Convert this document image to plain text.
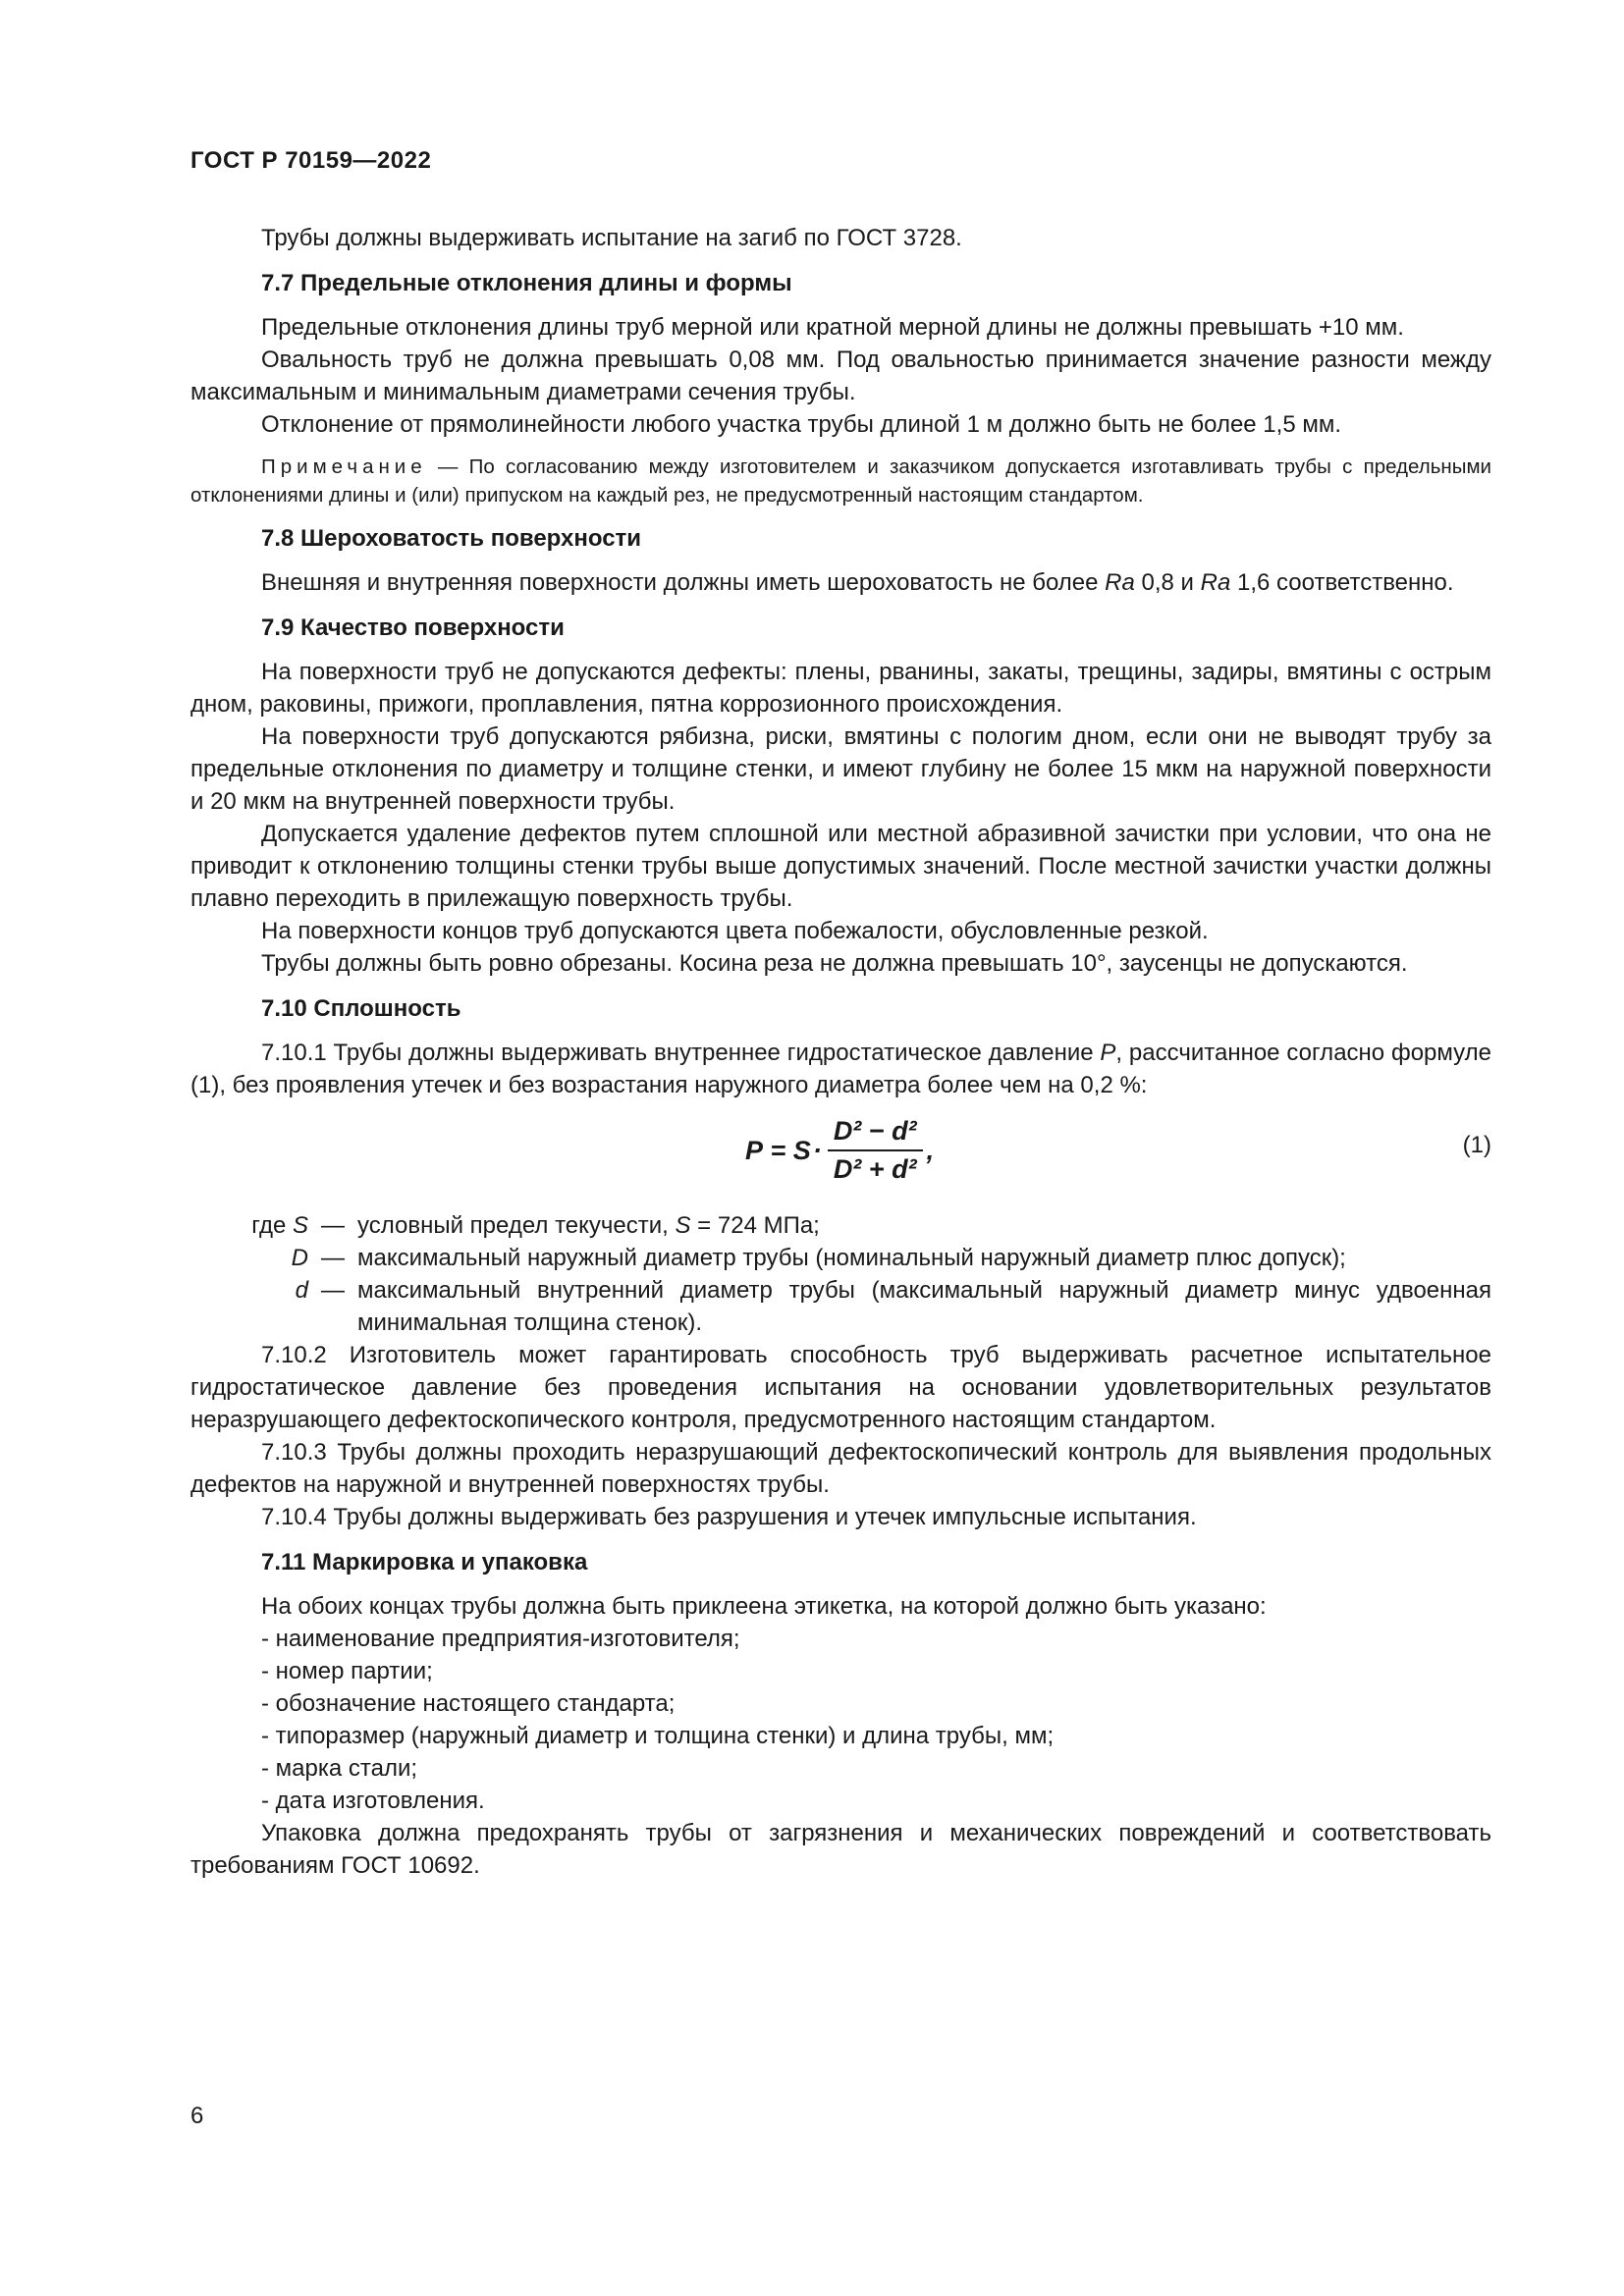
ГОСТ Р 70159—2022

Трубы должны выдерживать испытание на загиб по ГОСТ 3728.

7.7 Предельные отклонения длины и формы

Предельные отклонения длины труб мерной или кратной мерной длины не должны превышать +10 мм.

Овальность труб не должна превышать 0,08 мм. Под овальностью принимается значение разности между максимальным и минимальным диаметрами сечения трубы.

Отклонение от прямолинейности любого участка трубы длиной 1 м должно быть не более 1,5 мм.

Примечание — По согласованию между изготовителем и заказчиком допускается изготавливать трубы с предельными отклонениями длины и (или) припуском на каждый рез, не предусмотренный настоящим стандартом.

7.8 Шероховатость поверхности

Внешняя и внутренняя поверхности должны иметь шероховатость не более Ra 0,8 и Ra 1,6 соответственно.

7.9 Качество поверхности

На поверхности труб не допускаются дефекты: плены, рванины, закаты, трещины, задиры, вмятины с острым дном, раковины, прижоги, проплавления, пятна коррозионного происхождения.

На поверхности труб допускаются рябизна, риски, вмятины с пологим дном, если они не выводят трубу за предельные отклонения по диаметру и толщине стенки, и имеют глубину не более 15 мкм на наружной поверхности и 20 мкм на внутренней поверхности трубы.

Допускается удаление дефектов путем сплошной или местной абразивной зачистки при условии, что она не приводит к отклонению толщины стенки трубы выше допустимых значений. После местной зачистки участки должны плавно переходить в прилежащую поверхность трубы.

На поверхности концов труб допускаются цвета побежалости, обусловленные резкой.

Трубы должны быть ровно обрезаны. Косина реза не должна превышать 10°, заусенцы не допускаются.

7.10 Сплошность

7.10.1 Трубы должны выдерживать внутреннее гидростатическое давление P, рассчитанное согласно формуле (1), без проявления утечек и без возрастания наружного диаметра более чем на 0,2 %:

$P = S \cdot \frac{\text{D² − d²}}{\text{D² + d²}}$ ,	(1)
где S — условный предел текучести, S = 724 МПа;
D — максимальный наружный диаметр трубы (номинальный наружный диаметр плюс допуск);
d — максимальный внутренний диаметр трубы (максимальный наружный диаметр минус удвоенная минимальная толщина стенок).

7.10.2 Изготовитель может гарантировать способность труб выдерживать расчетное испытательное гидростатическое давление без проведения испытания на основании удовлетворительных результатов неразрушающего дефектоскопического контроля, предусмотренного настоящим стандартом.

7.10.3 Трубы должны проходить неразрушающий дефектоскопический контроль для выявления продольных дефектов на наружной и внутренней поверхностях трубы.

7.10.4 Трубы должны выдерживать без разрушения и утечек импульсные испытания.

7.11 Маркировка и упаковка

На обоих концах трубы должна быть приклеена этикетка, на которой должно быть указано:

- наименование предприятия-изготовителя;
- номер партии;
- обозначение настоящего стандарта;
- типоразмер (наружный диаметр и толщина стенки) и длина трубы, мм;
- марка стали;
- дата изготовления.

Упаковка должна предохранять трубы от загрязнения и механических повреждений и соответствовать требованиям ГОСТ 10692.

6
